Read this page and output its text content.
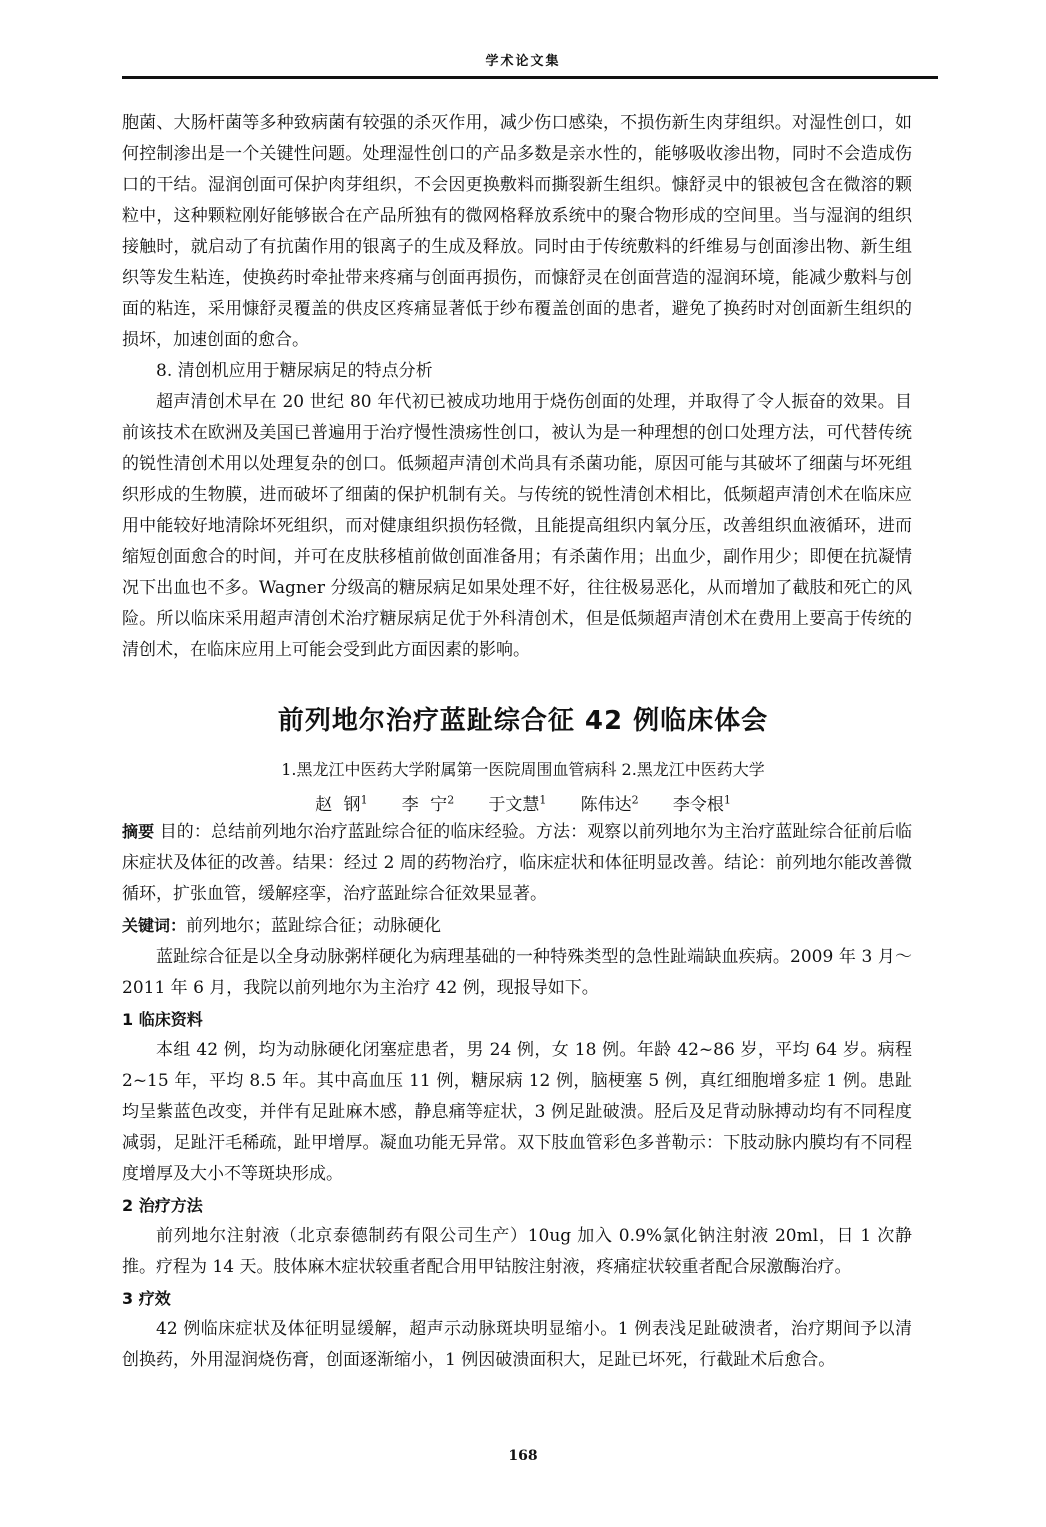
学术论文集

胞菌、大肠杆菌等多种致病菌有较强的杀灭作用，减少伤口感染，不损伤新生肉芽组织。对湿性创口，如何控制渗出是一个关键性问题。处理湿性创口的产品多数是亲水性的，能够吸收渗出物，同时不会造成伤口的干结。湿润创面可保护肉芽组织，不会因更换敷料而撕裂新生组织。慷舒灵中的银被包含在微溶的颗粒中，这种颗粒刚好能够嵌合在产品所独有的微网格释放系统中的聚合物形成的空间里。当与湿润的组织接触时，就启动了有抗菌作用的银离子的生成及释放。同时由于传统敷料的纤维易与创面渗出物、新生组织等发生粘连，使换药时牵扯带来疼痛与创面再损伤，而慷舒灵在创面营造的湿润环境，能减少敷料与创面的粘连，采用慷舒灵覆盖的供皮区疼痛显著低于纱布覆盖创面的患者，避免了换药时对创面新生组织的损坏，加速创面的愈合。

8. 清创机应用于糖尿病足的特点分析

超声清创术早在 20 世纪 80 年代初已被成功地用于烧伤创面的处理，并取得了令人振奋的效果。目前该技术在欧洲及美国已普遍用于治疗慢性溃疡性创口，被认为是一种理想的创口处理方法，可代替传统的锐性清创术用以处理复杂的创口。低频超声清创术尚具有杀菌功能，原因可能与其破坏了细菌与坏死组织形成的生物膜，进而破坏了细菌的保护机制有关。与传统的锐性清创术相比，低频超声清创术在临床应用中能较好地清除坏死组织，而对健康组织损伤轻微，且能提高组织内氧分压，改善组织血液循环，进而缩短创面愈合的时间，并可在皮肤移植前做创面准备用；有杀菌作用；出血少，副作用少；即便在抗凝情况下出血也不多。Wagner 分级高的糖尿病足如果处理不好，往往极易恶化，从而增加了截肢和死亡的风险。所以临床采用超声清创术治疗糖尿病足优于外科清创术，但是低频超声清创术在费用上要高于传统的清创术，在临床应用上可能会受到此方面因素的影响。

前列地尔治疗蓝趾综合征 42 例临床体会
1.黑龙江中医药大学附属第一医院周围血管病科 2.黑龙江中医药大学
赵 钢$^1$ 李 宁$^2$ 于文慧$^1$ 陈伟达$^2$ 李令根$^1$

摘要 目的：总结前列地尔治疗蓝趾综合征的临床经验。方法：观察以前列地尔为主治疗蓝趾综合征前后临床症状及体征的改善。结果：经过 2 周的药物治疗，临床症状和体征明显改善。结论：前列地尔能改善微循环，扩张血管，缓解痉挛，治疗蓝趾综合征效果显著。

关键词：前列地尔；蓝趾综合征；动脉硬化

蓝趾综合征是以全身动脉粥样硬化为病理基础的一种特殊类型的急性趾端缺血疾病。2009 年 3 月～2011 年 6 月，我院以前列地尔为主治疗 42 例，现报导如下。

1 临床资料

本组 42 例，均为动脉硬化闭塞症患者，男 24 例，女 18 例。年龄 42~86 岁，平均 64 岁。病程 2~15 年，平均 8.5 年。其中高血压 11 例，糖尿病 12 例，脑梗塞 5 例，真红细胞增多症 1 例。患趾均呈紫蓝色改变，并伴有足趾麻木感，静息痛等症状，3 例足趾破溃。胫后及足背动脉搏动均有不同程度减弱，足趾汗毛稀疏，趾甲增厚。凝血功能无异常。双下肢血管彩色多普勒示：下肢动脉内膜均有不同程度增厚及大小不等斑块形成。

2 治疗方法

前列地尔注射液（北京泰德制药有限公司生产）10ug 加入 0.9%氯化钠注射液 20ml，日 1 次静推。疗程为 14 天。肢体麻木症状较重者配合用甲钴胺注射液，疼痛症状较重者配合尿激酶治疗。

3 疗效

42 例临床症状及体征明显缓解，超声示动脉斑块明显缩小。1 例表浅足趾破溃者，治疗期间予以清创换药，外用湿润烧伤膏，创面逐渐缩小，1 例因破溃面积大，足趾已坏死，行截趾术后愈合。

168
